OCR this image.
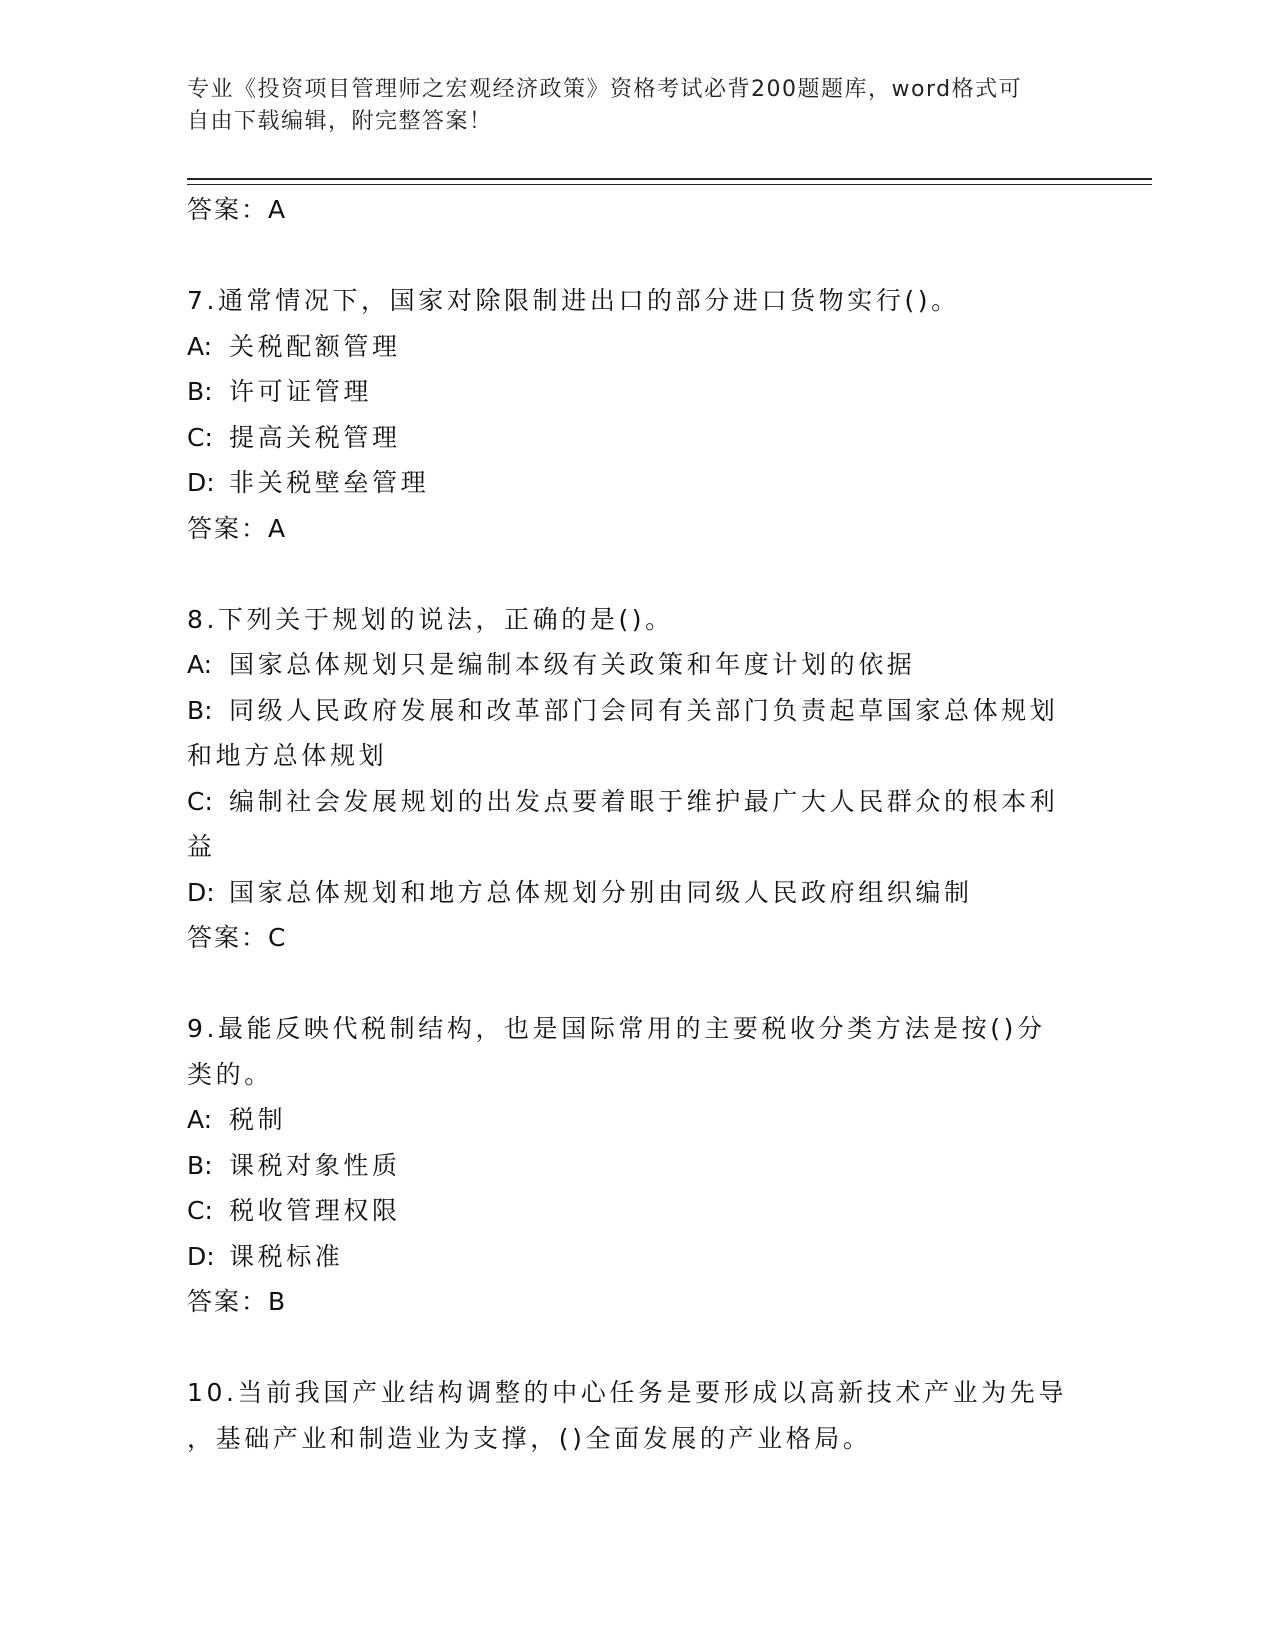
专业《投资项目管理师之宏观经济政策》资格考试必背200题题库，word格式可
自由下载编辑，附完整答案！
答案：A
7.通常情况下，国家对除限制进出口的部分进口货物实行()。
A: 关税配额管理
B: 许可证管理
C: 提高关税管理
D: 非关税壁垒管理
答案：A
8.下列关于规划的说法，正确的是()。
A: 国家总体规划只是编制本级有关政策和年度计划的依据
B: 同级人民政府发展和改革部门会同有关部门负责起草国家总体规划
和地方总体规划
C: 编制社会发展规划的出发点要着眼于维护最广大人民群众的根本利
益
D: 国家总体规划和地方总体规划分别由同级人民政府组织编制
答案：C
9.最能反映代税制结构，也是国际常用的主要税收分类方法是按()分
类的。
A: 税制
B: 课税对象性质
C: 税收管理权限
D: 课税标准
答案：B
10.当前我国产业结构调整的中心任务是要形成以高新技术产业为先导
，基础产业和制造业为支撑，()全面发展的产业格局。
